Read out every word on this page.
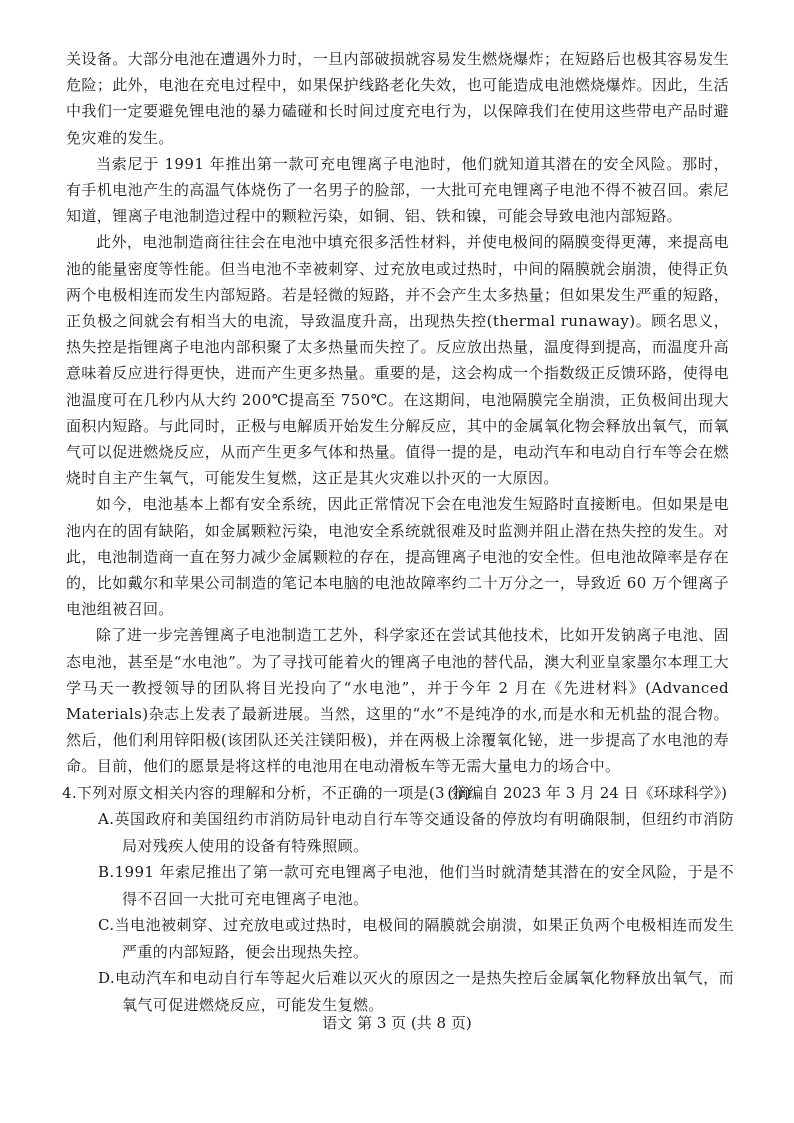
关设备。大部分电池在遭遇外力时，一旦内部破损就容易发生燃烧爆炸；在短路后也极其容易发生危险；此外，电池在充电过程中，如果保护线路老化失效，也可能造成电池燃烧爆炸。因此，生活中我们一定要避免锂电池的暴力磕碰和长时间过度充电行为，以保障我们在使用这些带电产品时避免灾难的发生。

当索尼于 1991 年推出第一款可充电锂离子电池时，他们就知道其潜在的安全风险。那时，有手机电池产生的高温气体烧伤了一名男子的脸部，一大批可充电锂离子电池不得不被召回。索尼知道，锂离子电池制造过程中的颗粒污染，如铜、铝、铁和镍，可能会导致电池内部短路。

此外，电池制造商往往会在电池中填充很多活性材料，并使电极间的隔膜变得更薄，来提高电池的能量密度等性能。但当电池不幸被刺穿、过充放电或过热时，中间的隔膜就会崩溃，使得正负两个电极相连而发生内部短路。若是轻微的短路，并不会产生太多热量；但如果发生严重的短路，正负极之间就会有相当大的电流，导致温度升高，出现热失控(thermal runaway)。顾名思义，热失控是指锂离子电池内部积聚了太多热量而失控了。反应放出热量，温度得到提高，而温度升高意味着反应进行得更快，进而产生更多热量。重要的是，这会构成一个指数级正反馈环路，使得电池温度可在几秒内从大约 200℃提高至 750℃。在这期间，电池隔膜完全崩溃，正负极间出现大面积内短路。与此同时，正极与电解质开始发生分解反应，其中的金属氧化物会释放出氧气，而氧气可以促进燃烧反应，从而产生更多气体和热量。值得一提的是，电动汽车和电动自行车等会在燃烧时自主产生氧气，可能发生复燃，这正是其火灾难以扑灭的一大原因。

如今，电池基本上都有安全系统，因此正常情况下会在电池发生短路时直接断电。但如果是电池内在的固有缺陷，如金属颗粒污染，电池安全系统就很难及时监测并阻止潜在热失控的发生。对此，电池制造商一直在努力减少金属颗粒的存在，提高锂离子电池的安全性。但电池故障率是存在的，比如戴尔和苹果公司制造的笔记本电脑的电池故障率约二十万分之一，导致近 60 万个锂离子电池组被召回。

除了进一步完善锂离子电池制造工艺外，科学家还在尝试其他技术，比如开发钠离子电池、固态电池，甚至是“水电池”。为了寻找可能着火的锂离子电池的替代品，澳大利亚皇家墨尔本理工大学马天一教授领导的团队将目光投向了“水电池”，并于今年 2 月在《先进材料》(Advanced Materials)杂志上发表了最新进展。当然，这里的“水”不是纯净的水,而是水和无机盐的混合物。然后，他们利用锌阳极(该团队还关注镁阳极)，并在两极上涂覆氧化铋，进一步提高了水电池的寿命。目前，他们的愿景是将这样的电池用在电动滑板车等无需大量电力的场合中。

(摘编自 2023 年 3 月 24 日《环球科学》)

4.下列对原文相关内容的理解和分析，不正确的一项是(3 分)

A.英国政府和美国纽约市消防局针电动自行车等交通设备的停放均有明确限制，但纽约市消防局对残疾人使用的设备有特殊照顾。

B.1991 年索尼推出了第一款可充电锂离子电池，他们当时就清楚其潜在的安全风险，于是不得不召回一大批可充电锂离子电池。

C.当电池被刺穿、过充放电或过热时，电极间的隔膜就会崩溃，如果正负两个电极相连而发生严重的内部短路，便会出现热失控。

D.电动汽车和电动自行车等起火后难以灭火的原因之一是热失控后金属氧化物释放出氧气，而氧气可促进燃烧反应，可能发生复燃。

语文 第 3 页 (共 8 页)
